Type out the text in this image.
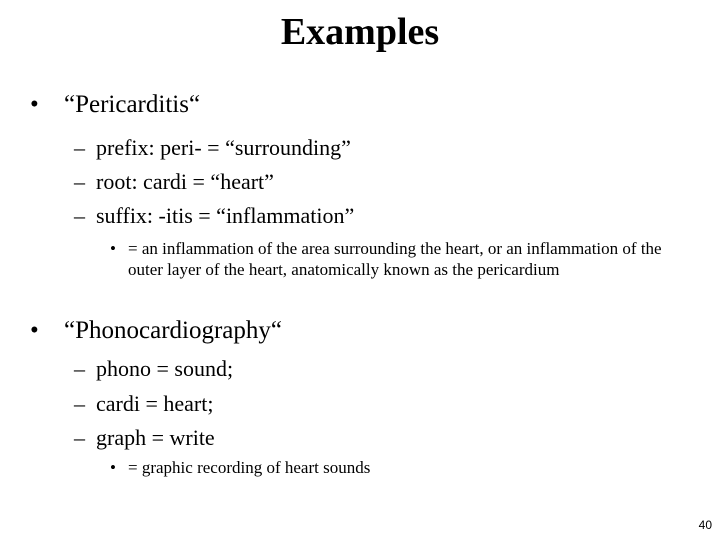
Examples
• “Pericarditis“
– prefix: peri- = “surrounding”
– root: cardi = “heart”
– suffix: -itis = “inflammation”
• = an inflammation of the area surrounding the heart, or an inflammation of the outer layer of the heart, anatomically known as the pericardium
• “Phonocardiography“
– phono = sound;
– cardi = heart;
– graph = write
• = graphic recording of heart sounds
40
